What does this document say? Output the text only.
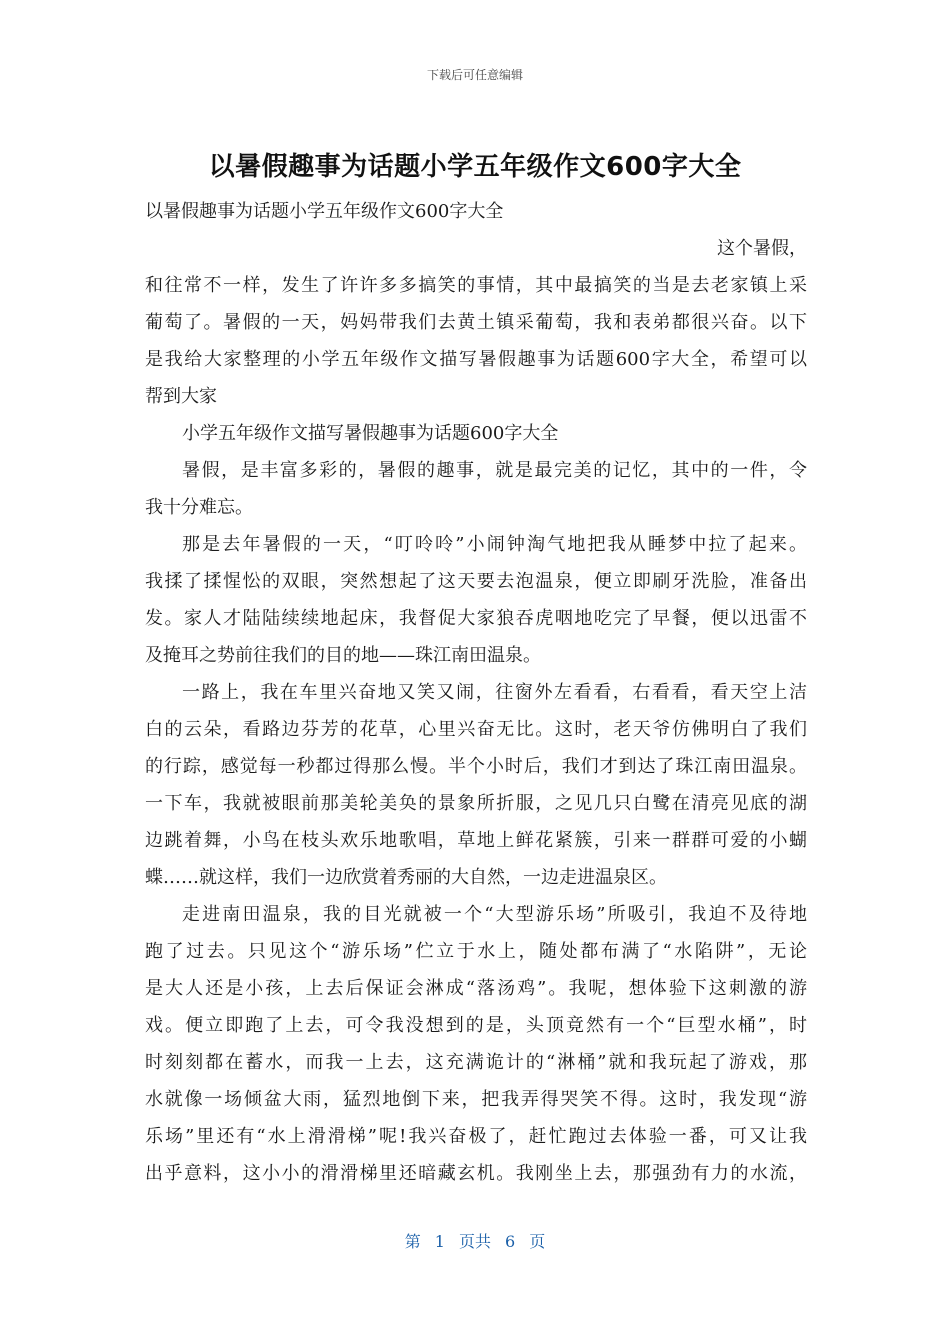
下载后可任意编辑
以暑假趣事为话题小学五年级作文600字大全

以暑假趣事为话题小学五年级作文600字大全

这个暑假，

和往常不一样，发生了许许多多搞笑的事情，其中最搞笑的当是去老家镇上采

葡萄了。暑假的一天，妈妈带我们去黄土镇采葡萄，我和表弟都很兴奋。以下

是我给大家整理的小学五年级作文描写暑假趣事为话题600字大全，希望可以

帮到大家

小学五年级作文描写暑假趣事为话题600字大全

暑假，是丰富多彩的，暑假的趣事，就是最完美的记忆，其中的一件，令

我十分难忘。

那是去年暑假的一天，“叮呤呤”小闹钟淘气地把我从睡梦中拉了起来。

我揉了揉惺忪的双眼，突然想起了这天要去泡温泉，便立即刷牙洗脸，准备出

发。家人才陆陆续续地起床，我督促大家狼吞虎咽地吃完了早餐，便以迅雷不

及掩耳之势前往我们的目的地——珠江南田温泉。

一路上，我在车里兴奋地又笑又闹，往窗外左看看，右看看，看天空上洁

白的云朵，看路边芬芳的花草，心里兴奋无比。这时，老天爷仿佛明白了我们

的行踪，感觉每一秒都过得那么慢。半个小时后，我们才到达了珠江南田温泉。

一下车，我就被眼前那美轮美奂的景象所折服，之见几只白鹭在清亮见底的湖

边跳着舞，小鸟在枝头欢乐地歌唱，草地上鲜花紧簇，引来一群群可爱的小蝴

蝶……就这样，我们一边欣赏着秀丽的大自然，一边走进温泉区。

走进南田温泉，我的目光就被一个“大型游乐场”所吸引，我迫不及待地

跑了过去。只见这个“游乐场”伫立于水上，随处都布满了“水陷阱”，无论

是大人还是小孩，上去后保证会淋成“落汤鸡”。我呢，想体验下这刺激的游

戏。便立即跑了上去，可令我没想到的是，头顶竟然有一个“巨型水桶”，时

时刻刻都在蓄水，而我一上去，这充满诡计的“淋桶”就和我玩起了游戏，那

水就像一场倾盆大雨，猛烈地倒下来，把我弄得哭笑不得。这时，我发现“游

乐场”里还有“水上滑滑梯”呢!我兴奋极了，赶忙跑过去体验一番，可又让我

出乎意料，这小小的滑滑梯里还暗藏玄机。我刚坐上去，那强劲有力的水流，

第 1 页共 6 页
